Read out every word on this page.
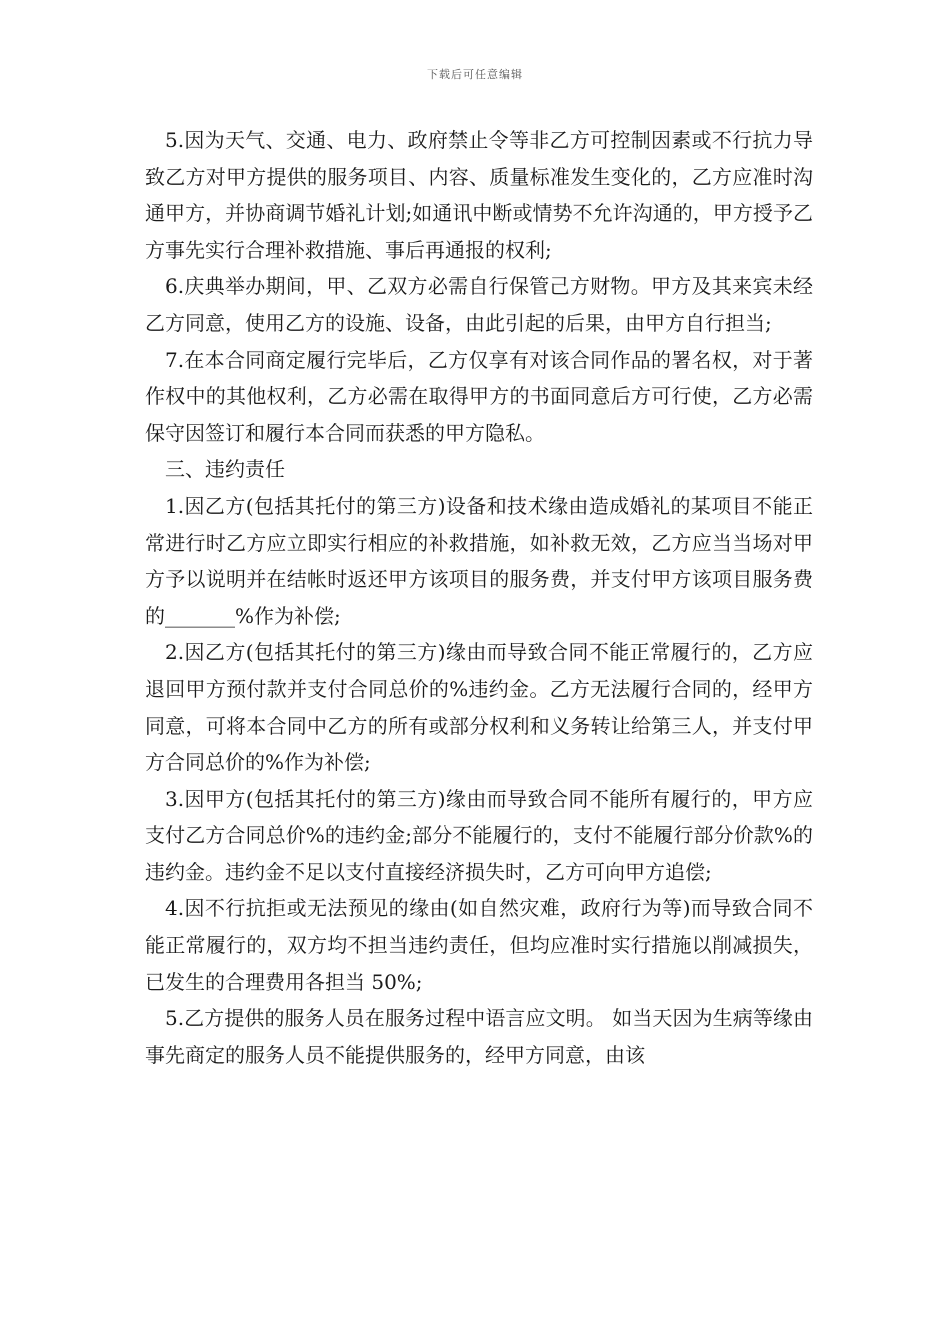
下载后可任意编辑

5.因为天气、交通、电力、政府禁止令等非乙方可控制因素或不行抗力导致乙方对甲方提供的服务项目、内容、质量标准发生变化的，乙方应准时沟通甲方，并协商调节婚礼计划;如通讯中断或情势不允许沟通的，甲方授予乙方事先实行合理补救措施、事后再通报的权利;

6.庆典举办期间，甲、乙双方必需自行保管己方财物。甲方及其来宾未经乙方同意，使用乙方的设施、设备，由此引起的后果，由甲方自行担当;

7.在本合同商定履行完毕后，乙方仅享有对该合同作品的署名权，对于著作权中的其他权利，乙方必需在取得甲方的书面同意后方可行使，乙方必需保守因签订和履行本合同而获悉的甲方隐私。

三、违约责任

1.因乙方(包括其托付的第三方)设备和技术缘由造成婚礼的某项目不能正常进行时乙方应立即实行相应的补救措施，如补救无效，乙方应当当场对甲方予以说明并在结帐时返还甲方该项目的服务费，并支付甲方该项目服务费的_______%作为补偿;

2.因乙方(包括其托付的第三方)缘由而导致合同不能正常履行的，乙方应退回甲方预付款并支付合同总价的%违约金。乙方无法履行合同的，经甲方同意，可将本合同中乙方的所有或部分权利和义务转让给第三人，并支付甲方合同总价的%作为补偿;

3.因甲方(包括其托付的第三方)缘由而导致合同不能所有履行的，甲方应支付乙方合同总价%的违约金;部分不能履行的，支付不能履行部分价款%的违约金。违约金不足以支付直接经济损失时，乙方可向甲方追偿;

4.因不行抗拒或无法预见的缘由(如自然灾难，政府行为等)而导致合同不能正常履行的，双方均不担当违约责任，但均应准时实行措施以削减损失，已发生的合理费用各担当 50%;

5.乙方提供的服务人员在服务过程中语言应文明。 如当天因为生病等缘由事先商定的服务人员不能提供服务的，经甲方同意，由该
